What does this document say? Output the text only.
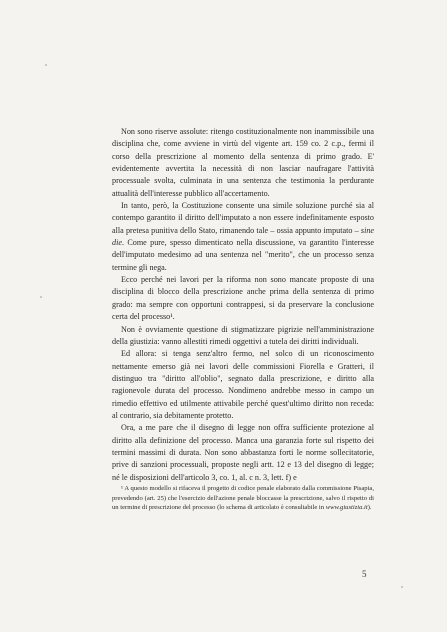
Non sono riserve assolute: ritengo costituzionalmente non inammissibile una disciplina che, come avviene in virtù del vigente art. 159 co. 2 c.p., fermi il corso della prescrizione al momento della sentenza di primo grado. E' evidentemente avvertita la necessità di non lasciar naufragare l'attività processuale svolta, culminata in una sentenza che testimonia la perdurante attualità dell'interesse pubblico all'accertamento.

In tanto, però, la Costituzione consente una simile soluzione purché sia al contempo garantito il diritto dell'imputato a non essere indefinitamente esposto alla pretesa punitiva dello Stato, rimanendo tale – ossia appunto imputato – sine die. Come pure, spesso dimenticato nella discussione, va garantito l'interesse dell'imputato medesimo ad una sentenza nel "merito", che un processo senza termine gli nega.

Ecco perché nei lavori per la riforma non sono mancate proposte di una disciplina di blocco della prescrizione anche prima della sentenza di primo grado: ma sempre con opportuni contrappesi, si da preservare la conclusione certa del processo¹.

Non è ovviamente questione di stigmatizzare pigrizie nell'amministrazione della giustizia: vanno allestiti rimedi oggettivi a tutela dei diritti individuali.

Ed allora: si tenga senz'altro fermo, nel solco di un riconoscimento nettamente emerso già nei lavori delle commissioni Fiorella e Gratteri, il distinguo tra "diritto all'oblio", segnato dalla prescrizione, e diritto alla ragionevole durata del processo. Nondimeno andrebbe messo in campo un rimedio effettivo ed utilmente attivabile perché quest'ultimo diritto non receda: al contrario, sia debitamente protetto.

Ora, a me pare che il disegno di legge non offra sufficiente protezione al diritto alla definizione del processo. Manca una garanzia forte sul rispetto dei termini massimi di durata. Non sono abbastanza forti le norme sollecitatorie, prive di sanzioni processuali, proposte negli artt. 12 e 13 del disegno di legge; né le disposizioni dell'articolo 3, co. 1, al. c n. 3, lett. f) e

¹ A questo modello si rifaceva il progetto di codice penale elaborato dalla commissione Pisapia, prevedendo (art. 25) che l'esercizio dell'azione penale bloccasse la prescrizione, salvo il rispetto di un termine di prescrizione del processo (lo schema di articolato è consultabile in www.giustizia.it).

5
